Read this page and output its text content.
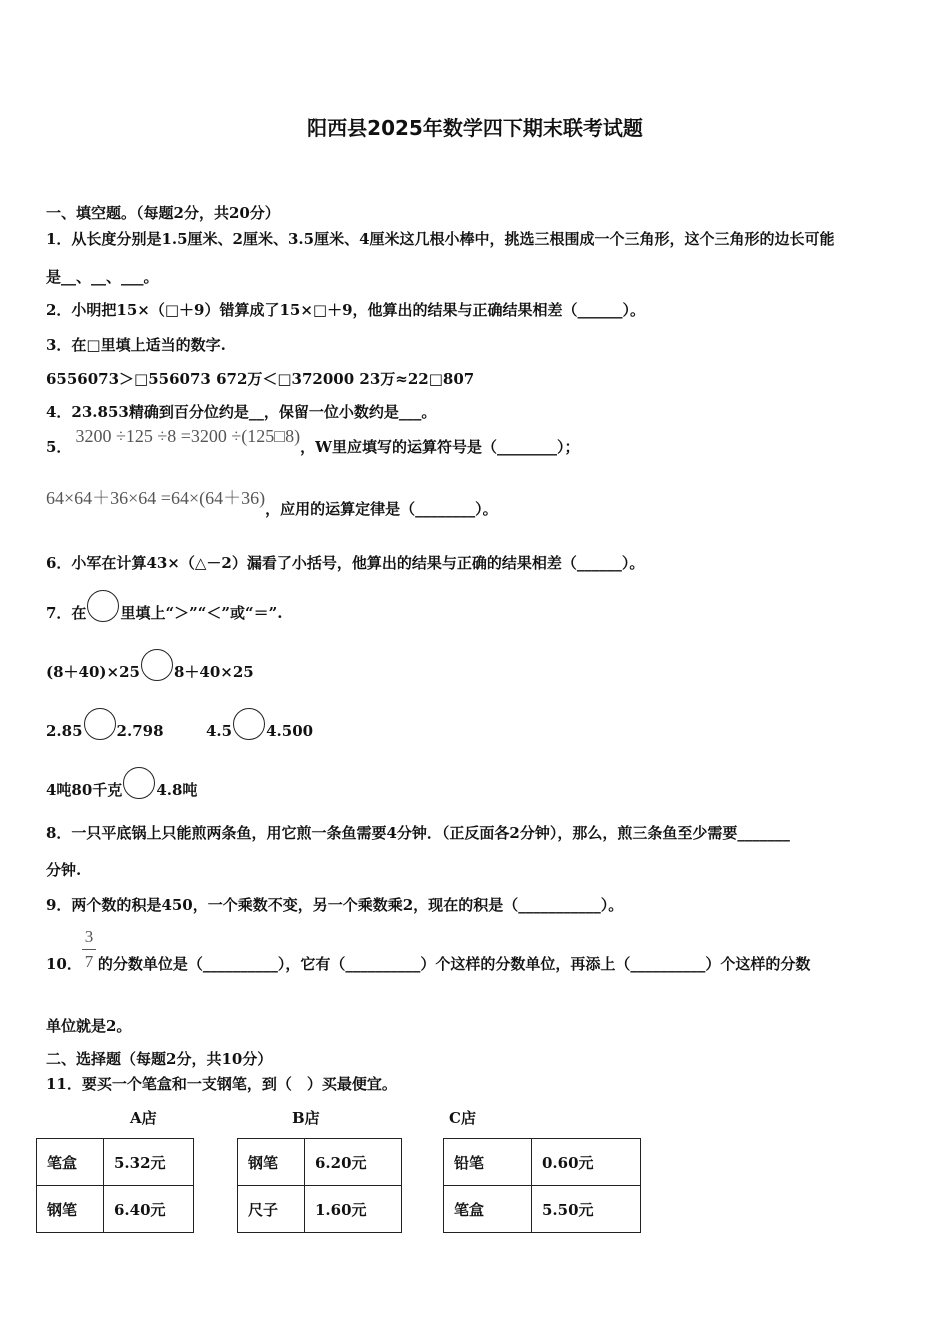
阳西县2025年数学四下期末联考试题
一、填空题。（每题2分，共20分）
1．从长度分别是1.5厘米、2厘米、3.5厘米、4厘米这几根小棒中，挑选三根围成一个三角形，这个三角形的边长可能
是__、__、___。
2．小明把15×（□＋9）错算成了15×□＋9，他算出的结果与正确结果相差（______）。
3．在□里填上适当的数字.
6556073＞□556073 672万＜□372000 23万≈22□807
4．23.853精确到百分位约是__，保留一位小数约是___。
5．3200 ÷125 ÷8 =3200 ÷(125□8)，W里应填写的运算符号是（________）；
64×64＋36×64 =64×(64＋36)，应用的运算定律是（________）。
6．小军在计算43×（△－2）漏看了小括号，他算出的结果与正确的结果相差（______）。
7．在 里填上“＞”“＜”或“＝”.
(8＋40)×25 8＋40×25
2.85 2.798	4.5 4.500
4吨80千克 4.8吨
8．一只平底锅上只能煎两条鱼，用它煎一条鱼需要4分钟．（正反面各2分钟），那么，煎三条鱼至少需要_______
分钟.
9．两个数的积是450，一个乘数不变，另一个乘数乘2，现在的积是（___________）。
3
7
10． 的分数单位是（__________），它有（__________）个这样的分数单位，再添上（__________）个这样的分数
单位就是2。
二、选择题（每题2分，共10分）
11．要买一个笔盒和一支钢笔，到（　）买最便宜。
A店	B店	C店
笔盒	5.32元
钢笔	6.40元
钢笔	6.20元
尺子	1.60元
铅笔	0.60元
笔盒	5.50元
